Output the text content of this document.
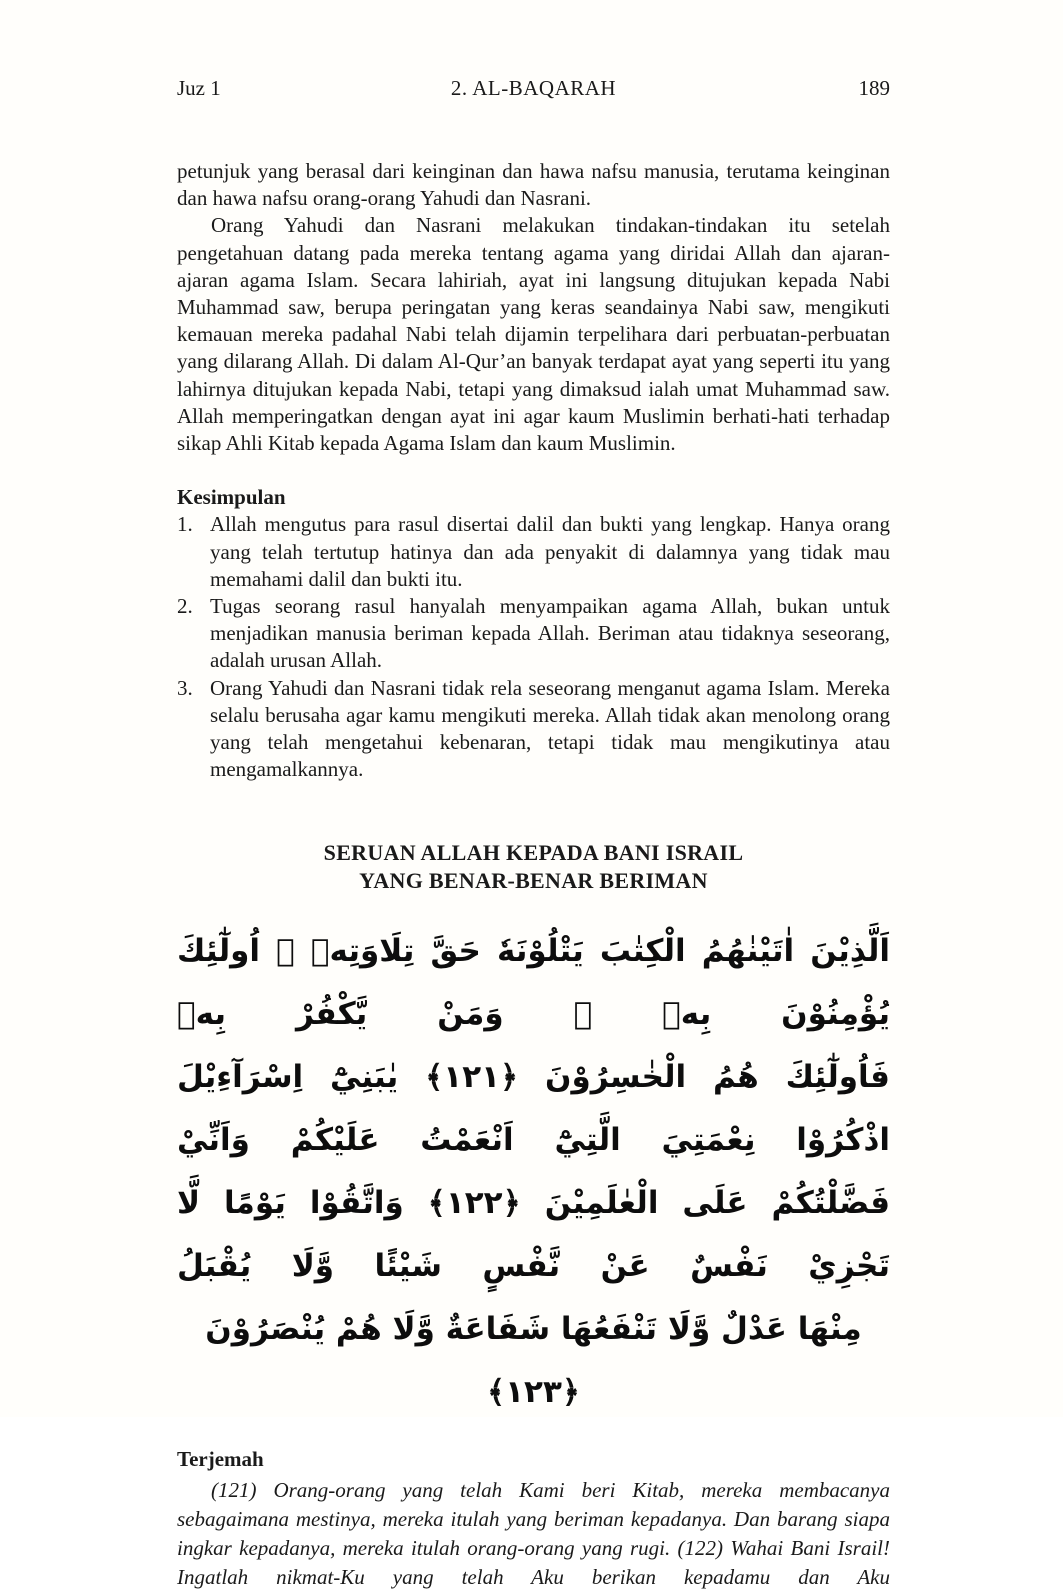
Juz 1	2. AL-BAQARAH	189

petunjuk yang berasal dari keinginan dan hawa nafsu manusia, terutama keinginan dan hawa nafsu orang-orang Yahudi dan Nasrani.

Orang Yahudi dan Nasrani melakukan tindakan-tindakan itu setelah pengetahuan datang pada mereka tentang agama yang diridai Allah dan ajaran-ajaran agama Islam. Secara lahiriah, ayat ini langsung ditujukan kepada Nabi Muhammad saw, berupa peringatan yang keras seandainya Nabi saw, mengikuti kemauan mereka padahal Nabi telah dijamin terpelihara dari perbuatan-perbuatan yang dilarang Allah. Di dalam Al-Qur’an banyak terdapat ayat yang seperti itu yang lahirnya ditujukan kepada Nabi, tetapi yang dimaksud ialah umat Muhammad saw. Allah memperingatkan dengan ayat ini agar kaum Muslimin berhati-hati terhadap sikap Ahli Kitab kepada Agama Islam dan kaum Muslimin.

Kesimpulan

1. Allah mengutus para rasul disertai dalil dan bukti yang lengkap. Hanya orang yang telah tertutup hatinya dan ada penyakit di dalamnya yang tidak mau memahami dalil dan bukti itu.
2. Tugas seorang rasul hanyalah menyampaikan agama Allah, bukan untuk menjadikan manusia beriman kepada Allah. Beriman atau tidaknya seseorang, adalah urusan Allah.
3. Orang Yahudi dan Nasrani tidak rela seseorang menganut agama Islam. Mereka selalu berusaha agar kamu mengikuti mereka. Allah tidak akan menolong orang yang telah mengetahui kebenaran, tetapi tidak mau mengikutinya atau mengamalkannya.
SERUAN ALLAH KEPADA BANI ISRAIL
YANG BENAR-BENAR BERIMAN
اَلَّذِيْنَ اٰتَيْنٰهُمُ الْكِتٰبَ يَتْلُوْنَهٗ حَقَّ تِلَاوَتِهٖ ۚ اُولٰٓئِكَ يُؤْمِنُوْنَ بِهٖ ۗ وَمَنْ يَّكْفُرْ بِهٖ
فَاُولٰٓئِكَ هُمُ الْخٰسِرُوْنَ ﴿١٢١﴾ يٰبَنِيْٓ اِسْرَآءِيْلَ اذْكُرُوْا نِعْمَتِيَ الَّتِيْٓ اَنْعَمْتُ عَلَيْكُمْ وَاَنِّيْ
فَضَّلْتُكُمْ عَلَى الْعٰلَمِيْنَ ﴿١٢٢﴾ وَاتَّقُوْا يَوْمًا لَّا تَجْزِيْ نَفْسٌ عَنْ نَّفْسٍ شَيْئًا وَّلَا يُقْبَلُ
مِنْهَا عَدْلٌ وَّلَا تَنْفَعُهَا شَفَاعَةٌ وَّلَا هُمْ يُنْصَرُوْنَ ﴿١٢٣﴾

Terjemah

(121) Orang-orang yang telah Kami beri Kitab, mereka membacanya sebagaimana mestinya, mereka itulah yang beriman kepadanya. Dan barang siapa ingkar kepadanya, mereka itulah orang-orang yang rugi. (122) Wahai Bani Israil! Ingatlah nikmat-Ku yang telah Aku berikan kepadamu dan Aku
